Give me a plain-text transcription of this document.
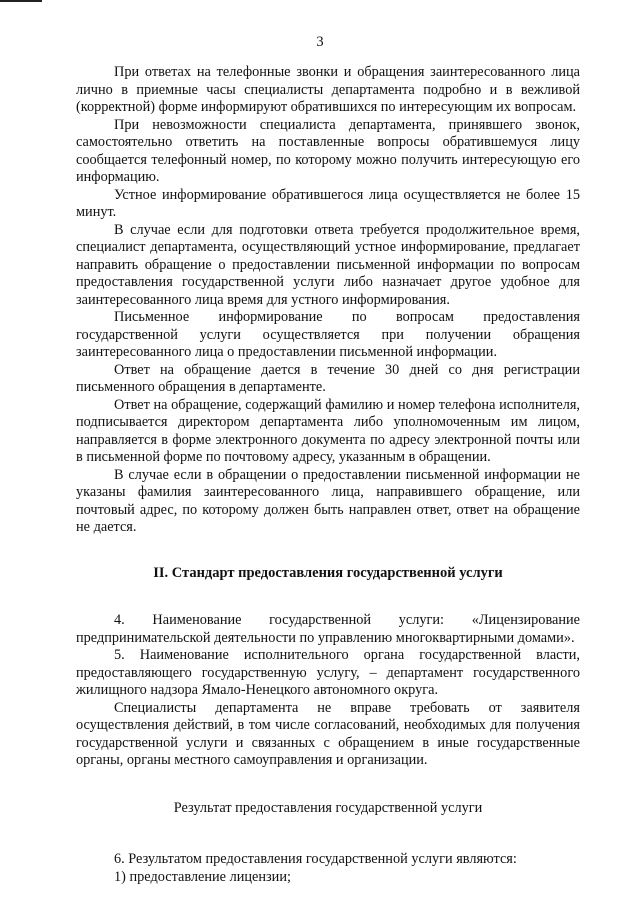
3

При ответах на телефонные звонки и обращения заинтересованного лица лично в приемные часы специалисты департамента подробно и в вежливой (корректной) форме информируют обратившихся по интересующим их вопросам.

При невозможности специалиста департамента, принявшего звонок, самостоятельно ответить на поставленные вопросы обратившемуся лицу сообщается телефонный номер, по которому можно получить интересующую его информацию.

Устное информирование обратившегося лица осуществляется не более 15 минут.

В случае если для подготовки ответа требуется продолжительное время, специалист департамента, осуществляющий устное информирование, предлагает направить обращение о предоставлении письменной информации по вопросам предоставления государственной услуги либо назначает другое удобное для заинтересованного лица время для устного информирования.

Письменное информирование по вопросам предоставления государственной услуги осуществляется при получении обращения заинтересованного лица о предоставлении письменной информации.

Ответ на обращение дается в течение 30 дней со дня регистрации письменного обращения в департаменте.

Ответ на обращение, содержащий фамилию и номер телефона исполнителя, подписывается директором департамента либо уполномоченным им лицом, направляется в форме электронного документа по адресу электронной почты или в письменной форме по почтовому адресу, указанным в обращении.

В случае если в обращении о предоставлении письменной информации не указаны фамилия заинтересованного лица, направившего обращение, или почтовый адрес, по которому должен быть направлен ответ, ответ на обращение не дается.

II. Стандарт предоставления государственной услуги

4. Наименование государственной услуги: «Лицензирование предпринимательской деятельности по управлению многоквартирными домами».

5. Наименование исполнительного органа государственной власти, предоставляющего государственную услугу, – департамент государственного жилищного надзора Ямало-Ненецкого автономного округа.

Специалисты департамента не вправе требовать от заявителя осуществления действий, в том числе согласований, необходимых для получения государственной услуги и связанных с обращением в иные государственные органы, органы местного самоуправления и организации.

Результат предоставления государственной услуги

6. Результатом предоставления государственной услуги являются:

1) предоставление лицензии;
